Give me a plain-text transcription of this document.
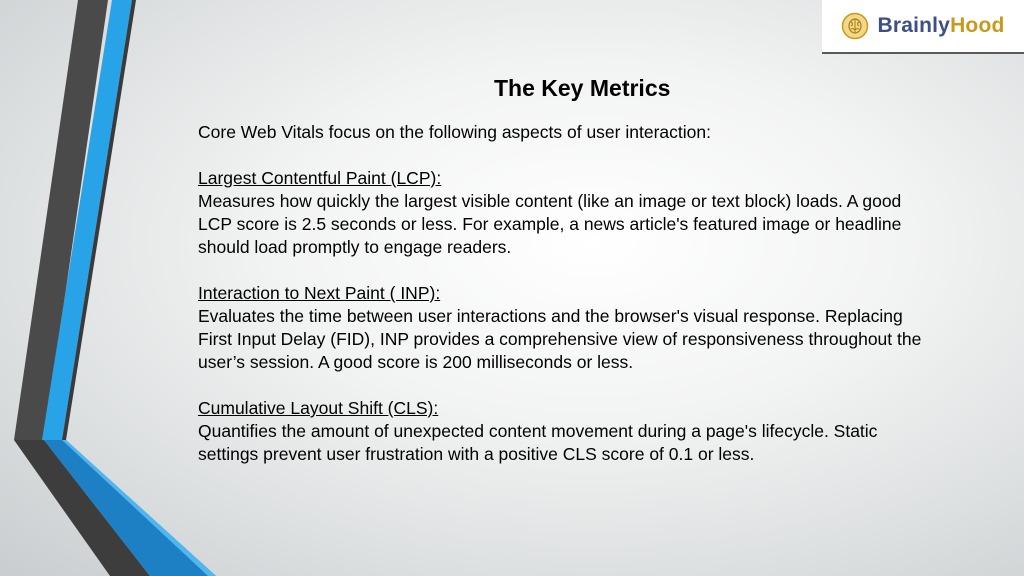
BrainlyHood
The Key Metrics

Core Web Vitals focus on the following aspects of user interaction:

Largest Contentful Paint (LCP):

Measures how quickly the largest visible content (like an image or text block) loads. A good LCP score is 2.5 seconds or less. For example, a news article's featured image or headline should load promptly to engage readers.

Interaction to Next Paint ( INP):

Evaluates the time between user interactions and the browser's visual response. Replacing First Input Delay (FID), INP provides a comprehensive view of responsiveness throughout the user’s session. A good score is 200 milliseconds or less.

Cumulative Layout Shift (CLS):

Quantifies the amount of unexpected content movement during a page's lifecycle. Static settings prevent user frustration with a positive CLS score of 0.1 or less.
